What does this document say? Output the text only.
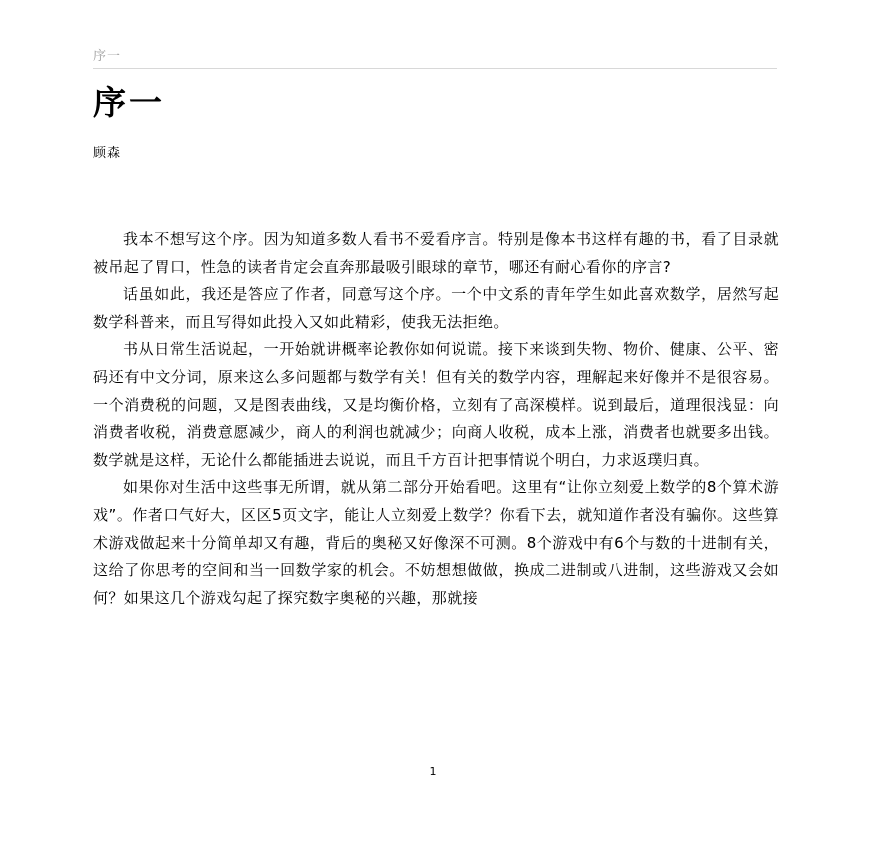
序一
序一
顾森

我本不想写这个序。因为知道多数人看书不爱看序言。特别是像本书这样有趣的书，看了目录就被吊起了胃口，性急的读者肯定会直奔那最吸引眼球的章节，哪还有耐心看你的序言?

话虽如此，我还是答应了作者，同意写这个序。一个中文系的青年学生如此喜欢数学，居然写起数学科普来，而且写得如此投入又如此精彩，使我无法拒绝。

书从日常生活说起，一开始就讲概率论教你如何说谎。接下来谈到失物、物价、健康、公平、密码还有中文分词，原来这么多问题都与数学有关！但有关的数学内容，理解起来好像并不是很容易。一个消费税的问题，又是图表曲线，又是均衡价格，立刻有了高深模样。说到最后，道理很浅显：向消费者收税，消费意愿减少，商人的利润也就减少；向商人收税，成本上涨，消费者也就要多出钱。数学就是这样，无论什么都能插进去说说，而且千方百计把事情说个明白，力求返璞归真。

如果你对生活中这些事无所谓，就从第二部分开始看吧。这里有“让你立刻爱上数学的8个算术游戏”。作者口气好大，区区5页文字，能让人立刻爱上数学？你看下去，就知道作者没有骗你。这些算术游戏做起来十分简单却又有趣，背后的奥秘又好像深不可测。8个游戏中有6个与数的十进制有关，这给了你思考的空间和当一回数学家的机会。不妨想想做做，换成二进制或八进制，这些游戏又会如何？如果这几个游戏勾起了探究数字奥秘的兴趣，那就接

1
